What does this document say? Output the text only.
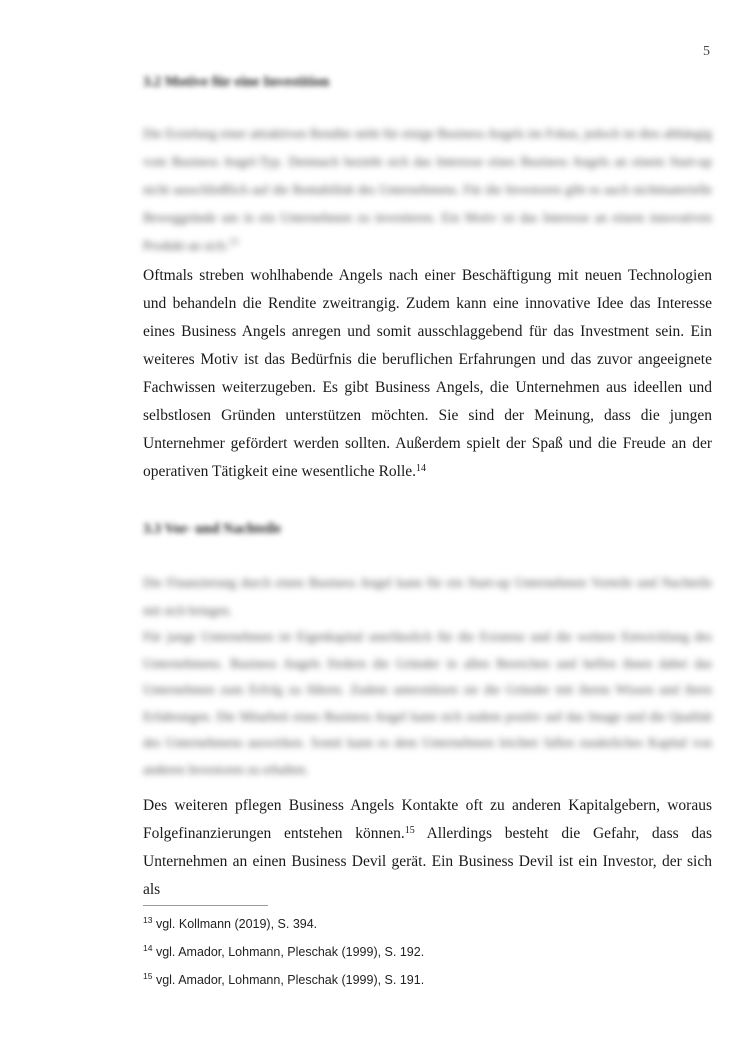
5
3.2 Motive für eine Investition

Die Erzielung einer attraktiven Rendite steht für einige Business Angels im Fokus, jedoch ist dies abhängig vom Business Angel-Typ. Demnach bezieht sich das Interesse eines Business Angels an einem Start-up nicht ausschließlich auf die Rentabilität des Unternehmens. Für die Investoren gibt es auch nichtmaterielle Beweggründe um in ein Unternehmen zu investieren. Ein Motiv ist das Interesse an einem innovativen Produkt an sich.$^{13}$

Oftmals streben wohlhabende Angels nach einer Beschäftigung mit neuen Technologien und behandeln die Rendite zweitrangig. Zudem kann eine innovative Idee das Interesse eines Business Angels anregen und somit ausschlaggebend für das Investment sein. Ein weiteres Motiv ist das Bedürfnis die beruflichen Erfahrungen und das zuvor angeeignete Fachwissen weiterzugeben. Es gibt Business Angels, die Unternehmen aus ideellen und selbstlosen Gründen unterstützen möchten. Sie sind der Meinung, dass die jungen Unternehmer gefördert werden sollten. Außerdem spielt der Spaß und die Freude an der operativen Tätigkeit eine wesentliche Rolle.$^{14}$

3.3 Vor- und Nachteile

Die Finanzierung durch einen Business Angel kann für ein Start-up Unternehmen Vorteile und Nachteile mit sich bringen.

Für junge Unternehmen ist Eigenkapital unerlässlich für die Existenz und die weitere Entwicklung des Unternehmens. Business Angels fördern die Gründer in allen Bereichen und helfen ihnen dabei das Unternehmen zum Erfolg zu führen. Zudem unterstützen sie die Gründer mit ihrem Wissen und ihren Erfahrungen. Die Mitarbeit eines Business Angel kann sich zudem positiv auf das Image und die Qualität des Unternehmens auswirken. Somit kann es dem Unternehmen leichter fallen zusätzliches Kapital von anderen Investoren zu erhalten.

Des weiteren pflegen Business Angels Kontakte oft zu anderen Kapitalgebern, woraus Folgefinanzierungen entstehen können.$^{15}$ Allerdings besteht die Gefahr, dass das Unternehmen an einen Business Devil gerät. Ein Business Devil ist ein Investor, der sich als

$^{13}$ vgl. Kollmann (2019), S. 394.

$^{14}$ vgl. Amador, Lohmann, Pleschak (1999), S. 192.

$^{15}$ vgl. Amador, Lohmann, Pleschak (1999), S. 191.
